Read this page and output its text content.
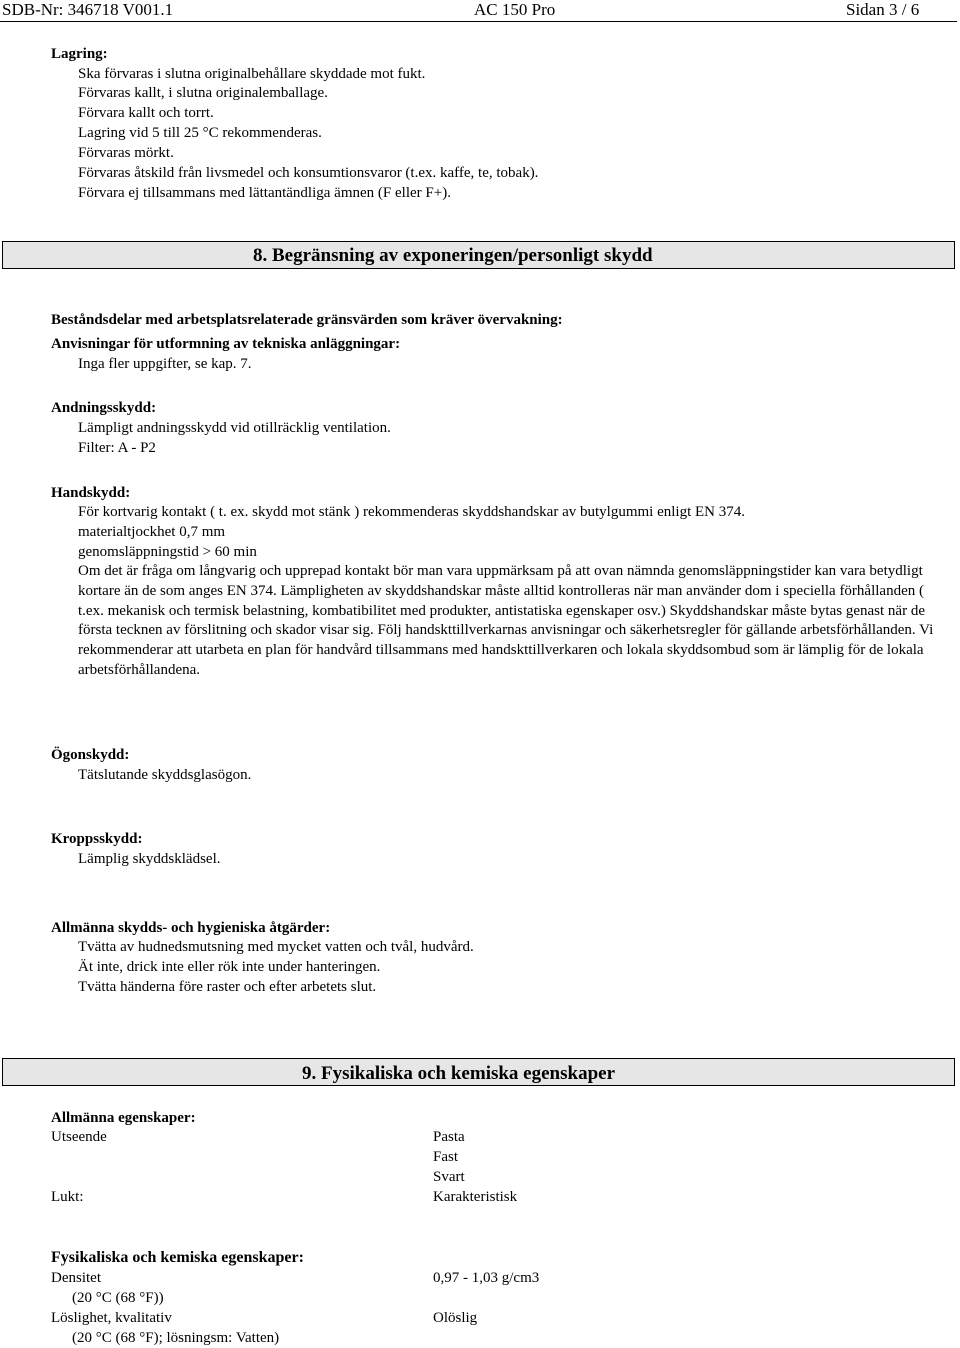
SDB-Nr: 346718 V001.1	AC 150 Pro	Sidan 3 / 6
Lagring:
Ska förvaras i slutna originalbehållare skyddade mot fukt.
Förvaras kallt, i slutna originalemballage.
Förvara kallt och torrt.
Lagring vid 5 till 25 °C rekommenderas.
Förvaras mörkt.
Förvaras åtskild från livsmedel och konsumtionsvaror (t.ex. kaffe, te, tobak).
Förvara ej tillsammans med lättantändliga ämnen (F eller F+).
8. Begränsning av exponeringen/personligt skydd
Beståndsdelar med arbetsplatsrelaterade gränsvärden som kräver övervakning:
Anvisningar för utformning av tekniska anläggningar:
Inga fler uppgifter, se kap. 7.
Andningsskydd:
Lämpligt andningsskydd vid otillräcklig ventilation.
Filter: A - P2
Handskydd:
För kortvarig kontakt ( t. ex. skydd mot stänk ) rekommenderas skyddshandskar av butylgummi enligt EN 374.
materialtjockhet 0,7 mm
genomsläppningstid > 60 min

Om det är fråga om långvarig och upprepad kontakt bör man vara uppmärksam på att ovan nämnda genomsläppningstider kan vara betydligt kortare än de som anges EN 374. Lämpligheten av skyddshandskar måste alltid kontrolleras när man använder dom i speciella förhållanden ( t.ex. mekanisk och termisk belastning, kombatibilitet med produkter, antistatiska egenskaper osv.) Skyddshandskar måste bytas genast när de första tecknen av förslitning och skador visar sig. Följ handskttillverkarnas anvisningar och säkerhetsregler för gällande arbetsförhållanden. Vi rekommenderar att utarbeta en plan för handvård tillsammans med handskttillverkaren och lokala skyddsombud som är lämplig för de lokala arbetsförhållandena.

Ögonskydd:
Tätslutande skyddsglasögon.
Kroppsskydd:
Lämplig skyddsklädsel.
Allmänna skydds- och hygieniska åtgärder:
Tvätta av hudnedsmutsning med mycket vatten och tvål, hudvård.
Ät inte, drick inte eller rök inte under hanteringen.
Tvätta händerna före raster och efter arbetets slut.
9. Fysikaliska och kemiska egenskaper
Allmänna egenskaper:
Utseende	Pasta
Fast
Svart
Lukt:	Karakteristisk
Fysikaliska och kemiska egenskaper:
Densitet	0,97 - 1,03 g/cm3
(20 °C (68 °F))
Löslighet, kvalitativ	Olöslig
(20 °C (68 °F); lösningsm: Vatten)
